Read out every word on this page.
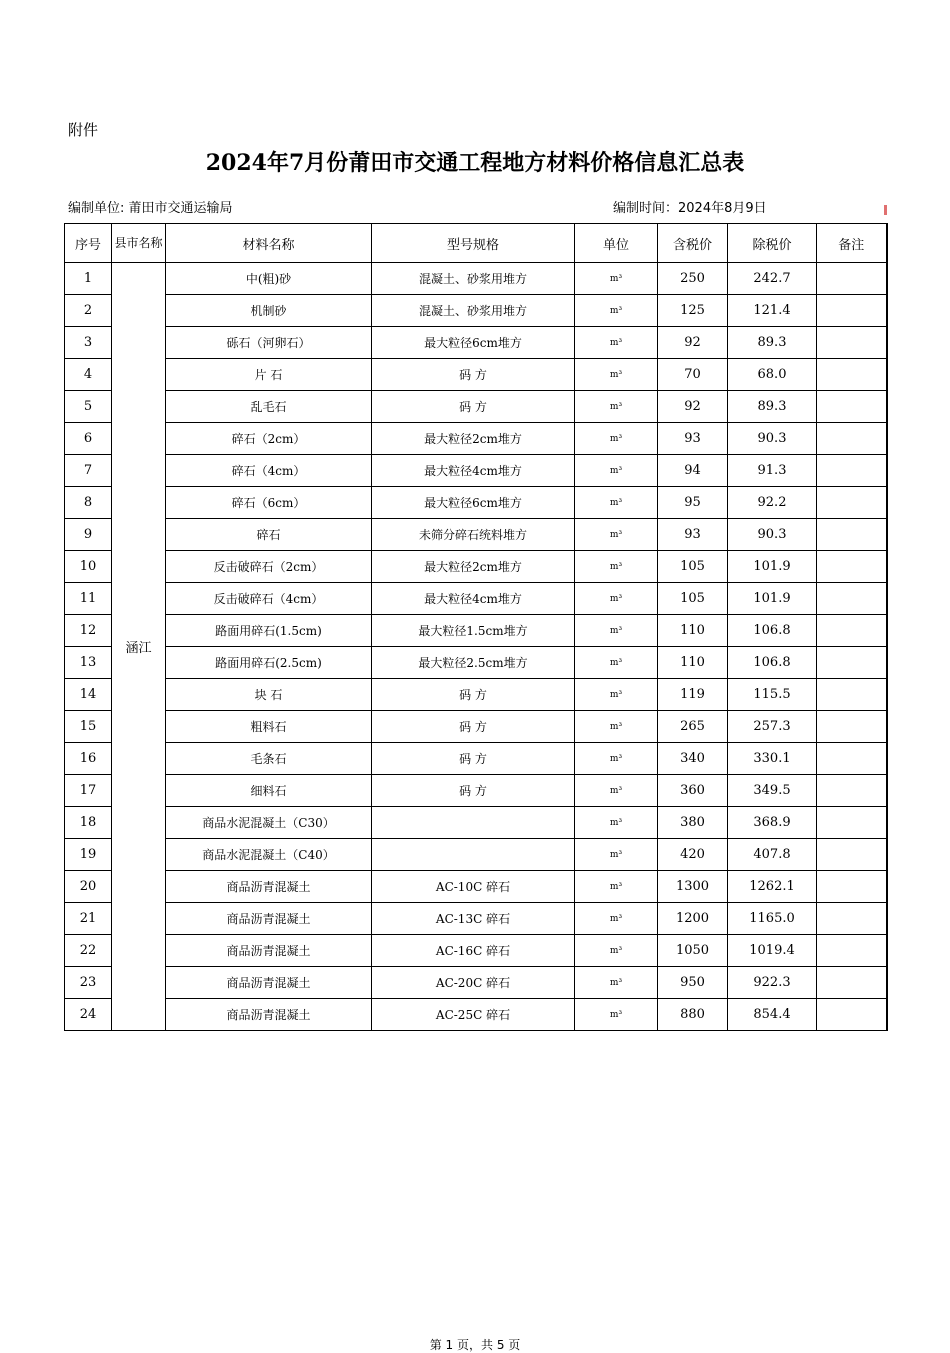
附件
2024年7月份莆田市交通工程地方材料价格信息汇总表
编制单位: 莆田市交通运输局	编制时间：2024年8月9日
序号	县市名称	材料名称	型号规格	单位	含税价	除税价	备注
1	涵江	中(粗)砂	混凝土、砂浆用堆方	m³	250	242.7	
2		机制砂	混凝土、砂浆用堆方	m³	125	121.4	
3		砾石（河卵石）	最大粒径6cm堆方	m³	92	89.3	
4		片 石	码 方	m³	70	68.0	
5		乱毛石	码 方	m³	92	89.3	
6		碎石（2cm）	最大粒径2cm堆方	m³	93	90.3	
7		碎石（4cm）	最大粒径4cm堆方	m³	94	91.3	
8		碎石（6cm）	最大粒径6cm堆方	m³	95	92.2	
9		碎石	未筛分碎石统料堆方	m³	93	90.3	
10		反击破碎石（2cm）	最大粒径2cm堆方	m³	105	101.9	
11		反击破碎石（4cm）	最大粒径4cm堆方	m³	105	101.9	
12		路面用碎石(1.5cm)	最大粒径1.5cm堆方	m³	110	106.8	
13		路面用碎石(2.5cm)	最大粒径2.5cm堆方	m³	110	106.8	
14		块 石	码 方	m³	119	115.5	
15		粗料石	码 方	m³	265	257.3	
16		毛条石	码 方	m³	340	330.1	
17		细料石	码 方	m³	360	349.5	
18		商品水泥混凝土（C30）		m³	380	368.9	
19		商品水泥混凝土（C40）		m³	420	407.8	
20		商品沥青混凝土	AC-10C 碎石	m³	1300	1262.1	
21		商品沥青混凝土	AC-13C 碎石	m³	1200	1165.0	
22		商品沥青混凝土	AC-16C 碎石	m³	1050	1019.4	
23		商品沥青混凝土	AC-20C 碎石	m³	950	922.3	
24		商品沥青混凝土	AC-25C 碎石	m³	880	854.4	
第 1 页，共 5 页
